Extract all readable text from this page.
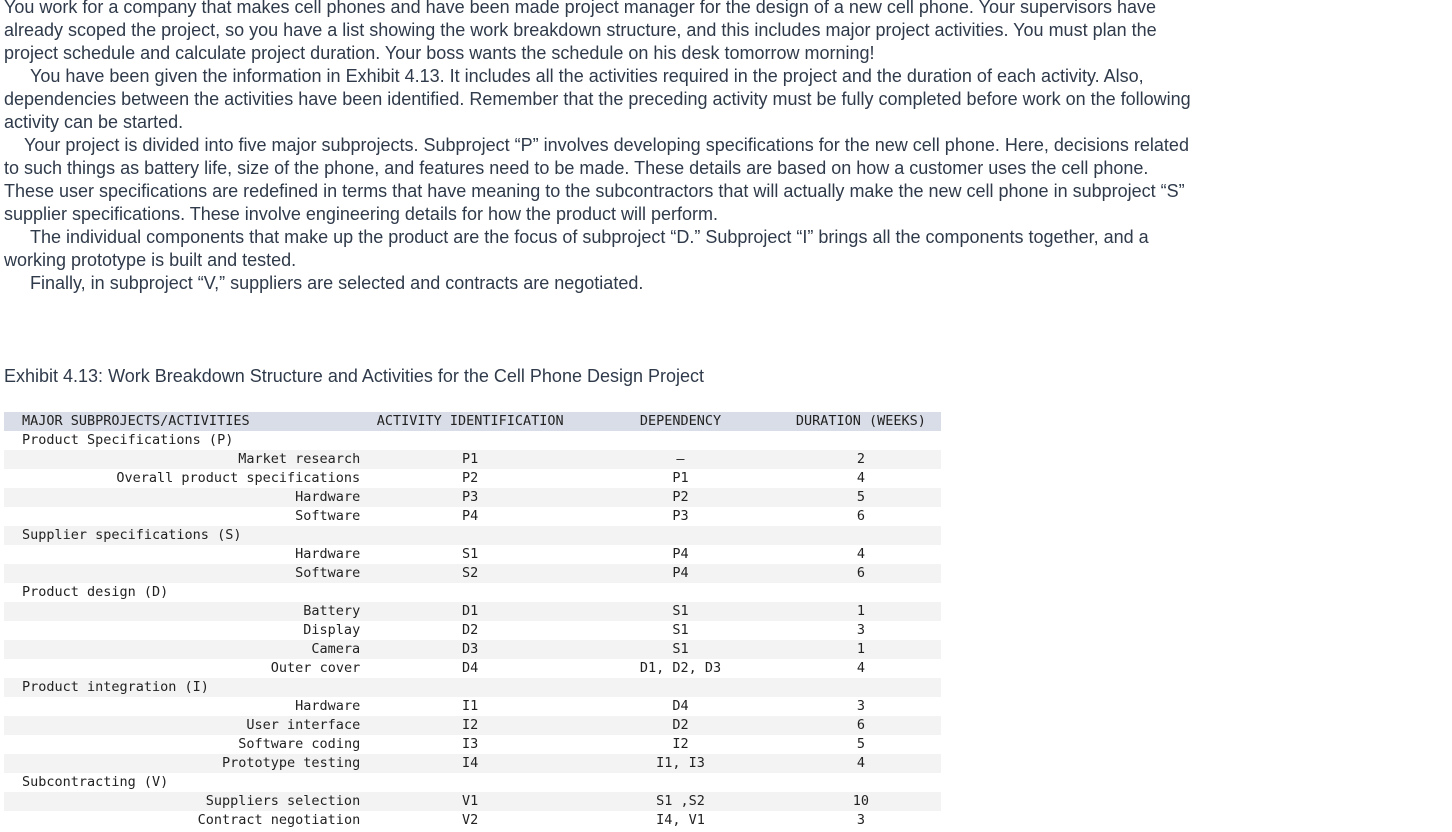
You work for a company that makes cell phones and have been made project manager for the design of a new cell phone. Your supervisors have already scoped the project, so you have a list showing the work breakdown structure, and this includes major project activities. You must plan the project schedule and calculate project duration. Your boss wants the schedule on his desk tomorrow morning!

You have been given the information in Exhibit 4.13. It includes all the activities required in the project and the duration of each activity. Also, dependencies between the activities have been identified. Remember that the preceding activity must be fully completed before work on the following activity can be started.

Your project is divided into five major subprojects. Subproject “P” involves developing specifications for the new cell phone. Here, decisions related to such things as battery life, size of the phone, and features need to be made. These details are based on how a customer uses the cell phone. These user specifications are redefined in terms that have meaning to the subcontractors that will actually make the new cell phone in subproject “S” supplier specifications. These involve engineering details for how the product will perform.

The individual components that make up the product are the focus of subproject “D.” Subproject “I” brings all the components together, and a working prototype is built and tested.

Finally, in subproject “V,” suppliers are selected and contracts are negotiated.

Exhibit 4.13: Work Breakdown Structure and Activities for the Cell Phone Design Project
MAJOR SUBPROJECTS/ACTIVITIES	ACTIVITY IDENTIFICATION	DEPENDENCY	DURATION (WEEKS)
Product Specifications (P)			
Market research	P1	—	2
Overall product specifications	P2	P1	4
Hardware	P3	P2	5
Software	P4	P3	6
Supplier specifications (S)			
Hardware	S1	P4	4
Software	S2	P4	6
Product design (D)			
Battery	D1	S1	1
Display	D2	S1	3
Camera	D3	S1	1
Outer cover	D4	D1, D2, D3	4
Product integration (I)			
Hardware	I1	D4	3
User interface	I2	D2	6
Software coding	I3	I2	5
Prototype testing	I4	I1, I3	4
Subcontracting (V)			
Suppliers selection	V1	S1 ,S2	10
Contract negotiation	V2	I4, V1	3
